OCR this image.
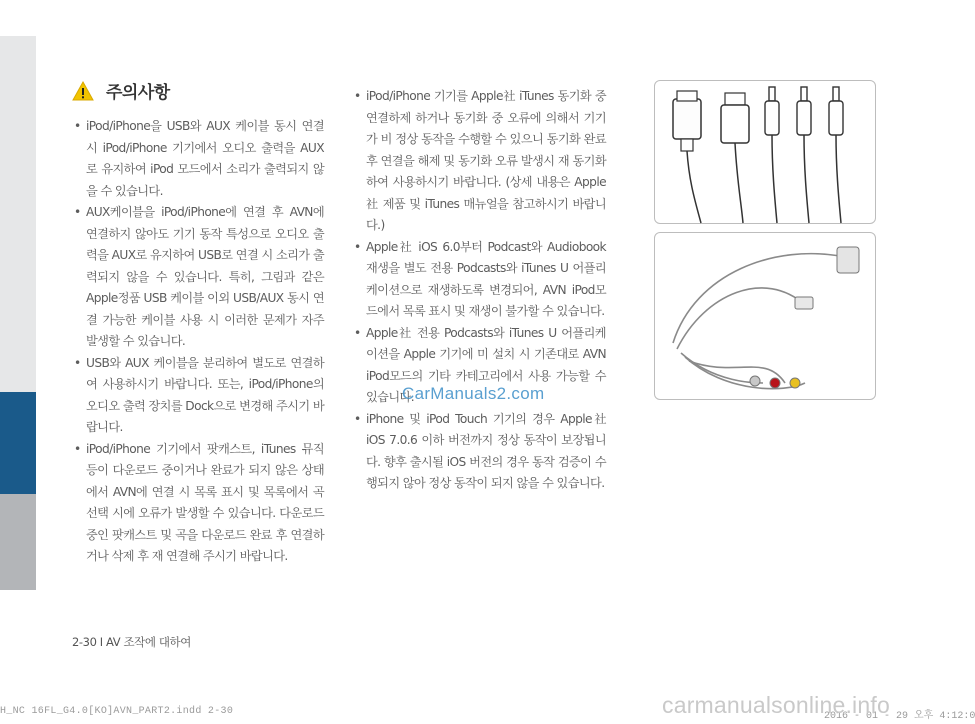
주의사항
• iPod/iPhone을 USB와 AUX 케이블 동시 연결 시 iPod/iPhone 기기에서 오디오 출력을 AUX로 유지하여 iPod 모드에서 소리가 출력되지 않을 수 있습니다.
• AUX케이블을 iPod/iPhone에 연결 후 AVN에 연결하지 않아도 기기 동작 특성으로 오디오 출력을 AUX로 유지하여 USB로 연결 시 소리가 출력되지 않을 수 있습니다. 특히, 그림과 같은 Apple정품 USB 케이블 이외 USB/AUX 동시 연결 가능한 케이블 사용 시 이러한 문제가 자주 발생할 수 있습니다.
• USB와 AUX 케이블을 분리하여 별도로 연결하여 사용하시기 바랍니다. 또는, iPod/iPhone의 오디오 출력 장치를 Dock으로 변경해 주시기 바랍니다.
• iPod/iPhone 기기에서 팟캐스트, iTunes 뮤직등이 다운로드 중이거나 완료가 되지 않은 상태에서 AVN에 연결 시 목록 표시 및 목록에서 곡 선택 시에 오류가 발생할 수 있습니다. 다운로드 중인 팟캐스트 및 곡을 다운로드 완료 후 연결하거나 삭제 후 재 연결해 주시기 바랍니다.
• iPod/iPhone 기기를 Apple社 iTunes 동기화 중 연결하제 하거나 동기화 중 오류에 의해서 기기가 비 정상 동작을 수행할 수 있으니 동기화 완료 후 연결을 해제 및 동기화 오류 발생시 재 동기화하여 사용하시기 바랍니다. (상세 내용은 Apple社 제품 및 iTunes 매뉴얼을 참고하시기 바랍니다.)
• Apple社 iOS 6.0부터 Podcast와 Audiobook 재생을 별도 전용 Podcasts와 iTunes U 어플리케이션으로 재생하도록 변경되어, AVN iPod모드에서 목록 표시 및 재생이 불가할 수 있습니다.
• Apple社 전용 Podcasts와 iTunes U 어플리케이션을 Apple 기기에 미 설치 시 기존대로 AVN iPod모드의 기타 카테고리에서 사용 가능할 수 있습니다.
• iPhone 및 iPod Touch 기기의 경우 Apple社 iOS 7.0.6 이하 버전까지 정상 동작이 보장됩니다. 향후 출시될 iOS 버전의 경우 동작 검증이 수행되지 않아 정상 동작이 되지 않을 수 있습니다.
CarManuals2.com
2-30 I AV 조작에 대하여
H_NC 16FL_G4.0[KO]AVN_PART2.indd 2-30	2016 - 01 - 29 오후 4:12:0
carmanualsonline.info
